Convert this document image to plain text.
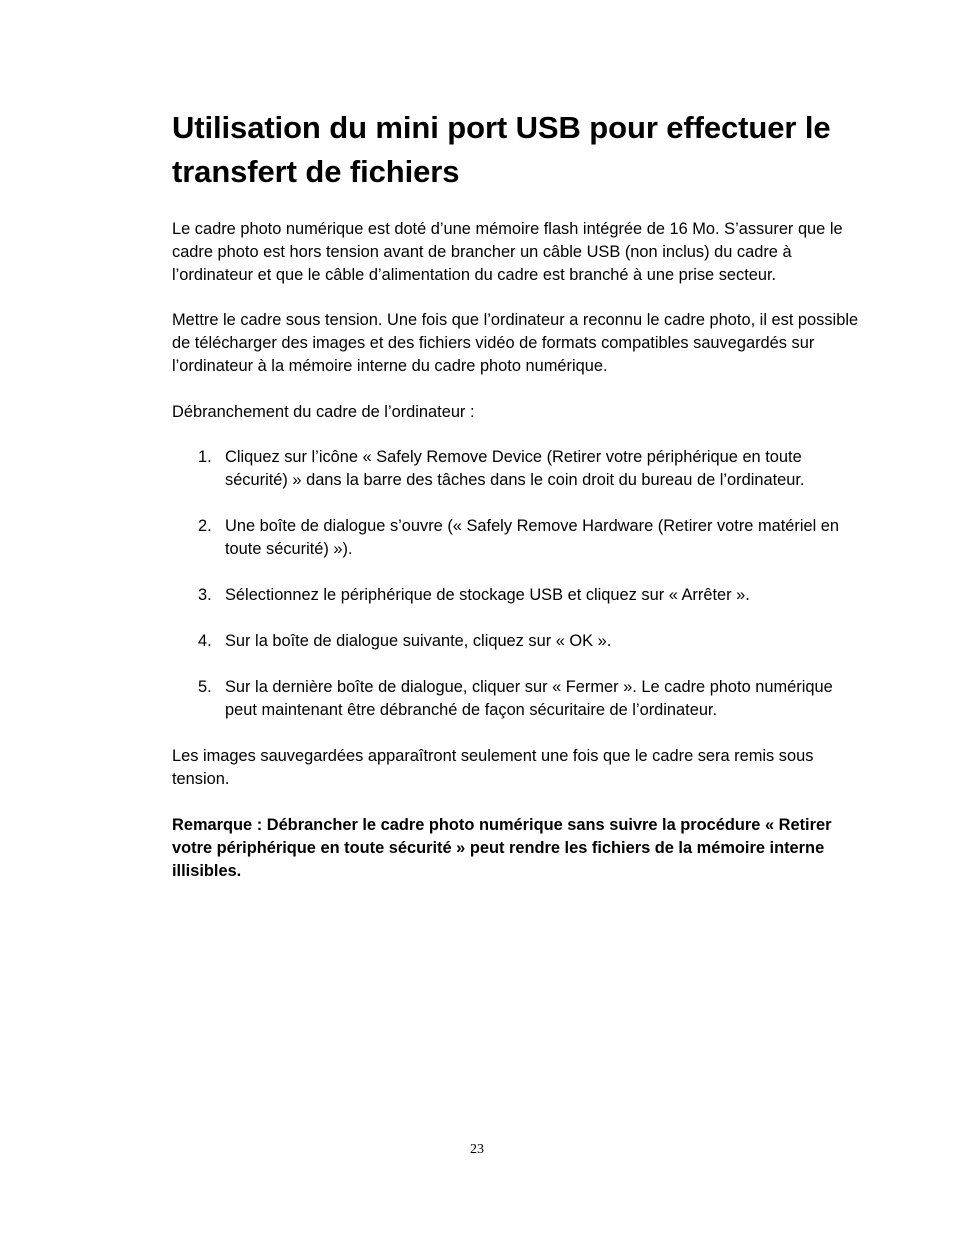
Utilisation du mini port USB pour effectuer le transfert de fichiers

Le cadre photo numérique est doté d’une mémoire flash intégrée de 16 Mo. S’assurer que le cadre photo est hors tension avant de brancher un câble USB (non inclus) du cadre à l’ordinateur et que le câble d’alimentation du cadre est branché à une prise secteur.

Mettre le cadre sous tension. Une fois que l’ordinateur a reconnu le cadre photo, il est possible de télécharger des images et des fichiers vidéo de formats compatibles sauvegardés sur l’ordinateur à la mémoire interne du cadre photo numérique.

Débranchement du cadre de l’ordinateur :

1. Cliquez sur l’icône « Safely Remove Device (Retirer votre périphérique en toute sécurité) » dans la barre des tâches dans le coin droit du bureau de l’ordinateur.
2. Une boîte de dialogue s’ouvre (« Safely Remove Hardware (Retirer votre matériel en toute sécurité) »).
3. Sélectionnez le périphérique de stockage USB et cliquez sur « Arrêter ».
4. Sur la boîte de dialogue suivante, cliquez sur « OK ».
5. Sur la dernière boîte de dialogue, cliquer sur « Fermer ». Le cadre photo numérique peut maintenant être débranché de façon sécuritaire de l’ordinateur.

Les images sauvegardées apparaîtront seulement une fois que le cadre sera remis sous tension.

Remarque : Débrancher le cadre photo numérique sans suivre la procédure « Retirer votre périphérique en toute sécurité » peut rendre les fichiers de la mémoire interne illisibles.

23
